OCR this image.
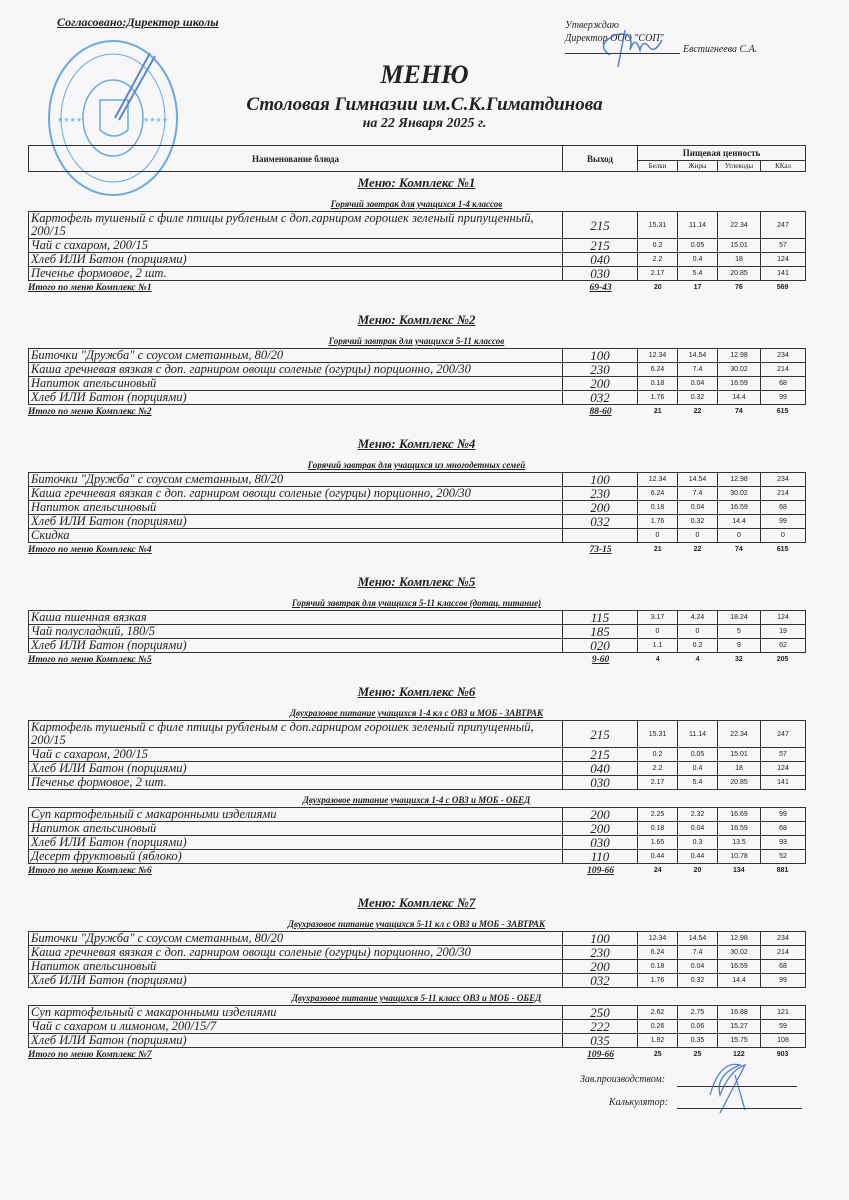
Согласовано:Директор школы
★★★★	★★★★
Утверждаю
Директор ООО "СОП"
Евстигнеева С.А.
МЕНЮ
Столовая Гимназии им.С.К.Гиматдинова
на 22 Января 2025 г.
Наименование блюда	Выход	Пищевая ценность			
		Белки	Жиры	Углеводы	ККал
Меню: Комплекс №1
Горячий завтрак для учащихся 1-4 классов
Картофель тушеный с филе птицы рубленым с доп.гарниром горошек зеленый припущенный, 200/15	215	15.31	11.14	22.34	247
Чай с сахаром, 200/15	215	0.2	0.05	15.01	57
Хлеб ИЛИ Батон (порциями)	040	2.2	0.4	18	124
Печенье формовое, 2 шт.	030	2.17	5.4	20.85	141
Итого по меню Комплекс №1	69-43	20	17	76	569
Меню: Комплекс №2
Горячий завтрак для учащихся 5-11 классов
Биточки "Дружба" с соусом сметанным, 80/20	100	12.34	14.54	12.98	234
Каша гречневая вязкая с доп. гарниром овощи соленые (огурцы) порционно, 200/30	230	6.24	7.4	30.02	214
Напиток апельсиновый	200	0.18	0.04	16.59	68
Хлеб ИЛИ Батон (порциями)	032	1.76	0.32	14.4	99
Итого по меню Комплекс №2	88-60	21	22	74	615
Меню: Комплекс №4
Горячий завтрак для учащихся из многодетных семей
Биточки "Дружба" с соусом сметанным, 80/20	100	12.34	14.54	12.98	234
Каша гречневая вязкая с доп. гарниром овощи соленые (огурцы) порционно, 200/30	230	6.24	7.4	30.02	214
Напиток апельсиновый	200	0.18	0.04	16.59	68
Хлеб ИЛИ Батон (порциями)	032	1.76	0.32	14.4	99
Скидка		0	0	0	0
Итого по меню Комплекс №4	73-15	21	22	74	615
Меню: Комплекс №5
Горячий завтрак для учащихся 5-11 классов (дотац. питание)
Каша пшенная вязкая	115	3.17	4.24	18.24	124
Чай полусладкий, 180/5	185	0	0	5	19
Хлеб ИЛИ Батон (порциями)	020	1.1	0.2	9	62
Итого по меню Комплекс №5	9-60	4	4	32	205
Меню: Комплекс №6
Двухразовое питание учащихся 1-4 кл с ОВЗ и МОБ - ЗАВТРАК
Картофель тушеный с филе птицы рубленым с доп.гарниром горошек зеленый припущенный, 200/15	215	15.31	11.14	22.34	247
Чай с сахаром, 200/15	215	0.2	0.05	15.01	57
Хлеб ИЛИ Батон (порциями)	040	2.2	0.4	18	124
Печенье формовое, 2 шт.	030	2.17	5.4	20.85	141
Двухразовое питание учащихся 1-4 с ОВЗ и МОБ - ОБЕД
Суп картофельный с макаронными изделиями	200	2.25	2.32	16.69	99
Напиток апельсиновый	200	0.18	0.04	16.59	68
Хлеб ИЛИ Батон (порциями)	030	1.65	0.3	13.5	93
Десерт фруктовый (яблоко)	110	0.44	0.44	10.78	52
Итого по меню Комплекс №6	109-66	24	20	134	881
Меню: Комплекс №7
Двухразовое питание учащихся 5-11 кл с ОВЗ и МОБ - ЗАВТРАК
Биточки "Дружба" с соусом сметанным, 80/20	100	12.34	14.54	12.98	234
Каша гречневая вязкая с доп. гарниром овощи соленые (огурцы) порционно, 200/30	230	6.24	7.4	30.02	214
Напиток апельсиновый	200	0.18	0.04	16.59	68
Хлеб ИЛИ Батон (порциями)	032	1.76	0.32	14.4	99
Двухразовое питание учащихся 5-11 класс ОВЗ и МОБ - ОБЕД
Суп картофельный с макаронными изделиями	250	2.62	2.75	16.88	121
Чай с сахаром и лимоном, 200/15/7	222	0.26	0.06	15.27	59
Хлеб ИЛИ Батон (порциями)	035	1.92	0.35	15.75	108
Итого по меню Комплекс №7	109-66	25	25	122	903
Зав.производством:
Калькулятор:
